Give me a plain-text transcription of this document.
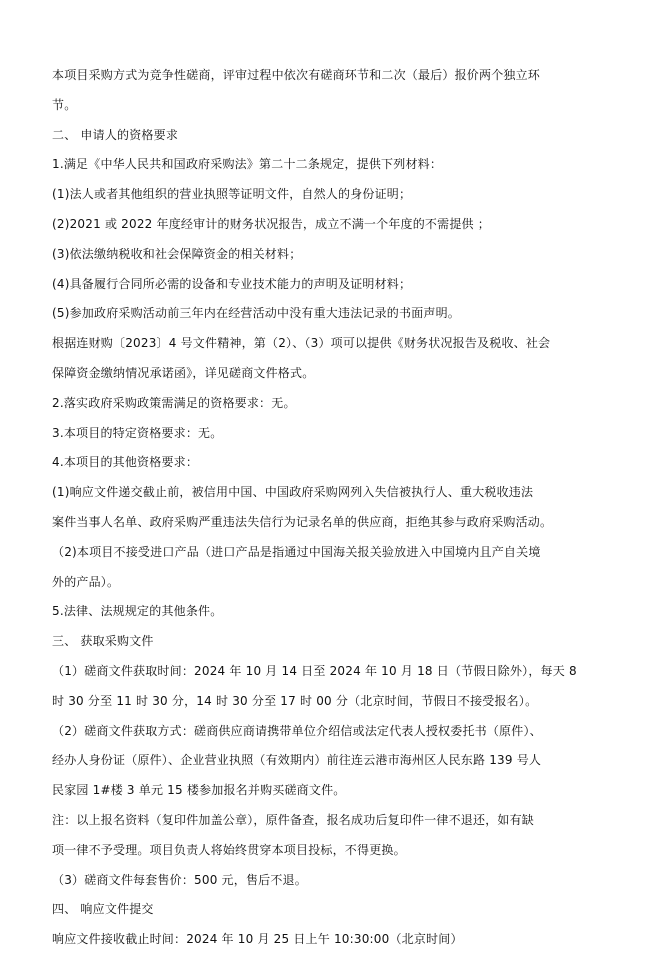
本项目采购方式为竞争性磋商，评审过程中依次有磋商环节和二次（最后）报价两个独立环
节。
二、 申请人的资格要求
1.满足《中华人民共和国政府采购法》第二十二条规定，提供下列材料：
(1)法人或者其他组织的营业执照等证明文件，自然人的身份证明；
(2)2021 或 2022 年度经审计的财务状况报告，成立不满一个年度的不需提供 ；
(3)依法缴纳税收和社会保障资金的相关材料；
(4)具备履行合同所必需的设备和专业技术能力的声明及证明材料；
(5)参加政府采购活动前三年内在经营活动中没有重大违法记录的书面声明。
根据连财购〔2023〕4 号文件精神，第（2）、（3）项可以提供《财务状况报告及税收、社会
保障资金缴纳情况承诺函》，详见磋商文件格式。
2.落实政府采购政策需满足的资格要求：无。
3.本项目的特定资格要求：无。
4.本项目的其他资格要求：
(1)响应文件递交截止前，被信用中国、中国政府采购网列入失信被执行人、重大税收违法
案件当事人名单、政府采购严重违法失信行为记录名单的供应商，拒绝其参与政府采购活动。
（2)本项目不接受进口产品（进口产品是指通过中国海关报关验放进入中国境内且产自关境
外的产品）。
5.法律、法规规定的其他条件。
三、 获取采购文件
（1）磋商文件获取时间：2024 年 10 月 14 日至 2024 年 10 月 18 日（节假日除外），每天 8
时 30 分至 11 时 30 分，14 时 30 分至 17 时 00 分（北京时间，节假日不接受报名）。
（2）磋商文件获取方式：磋商供应商请携带单位介绍信或法定代表人授权委托书（原件）、
经办人身份证（原件）、企业营业执照（有效期内）前往连云港市海州区人民东路 139 号人
民家园 1#楼 3 单元 15 楼参加报名并购买磋商文件。
注：以上报名资料（复印件加盖公章），原件备查，报名成功后复印件一律不退还，如有缺
项一律不予受理。项目负责人将始终贯穿本项目投标，不得更换。
（3）磋商文件每套售价：500 元，售后不退。
四、 响应文件提交
响应文件接收截止时间：2024 年 10 月 25 日上午 10:30:00（北京时间）
